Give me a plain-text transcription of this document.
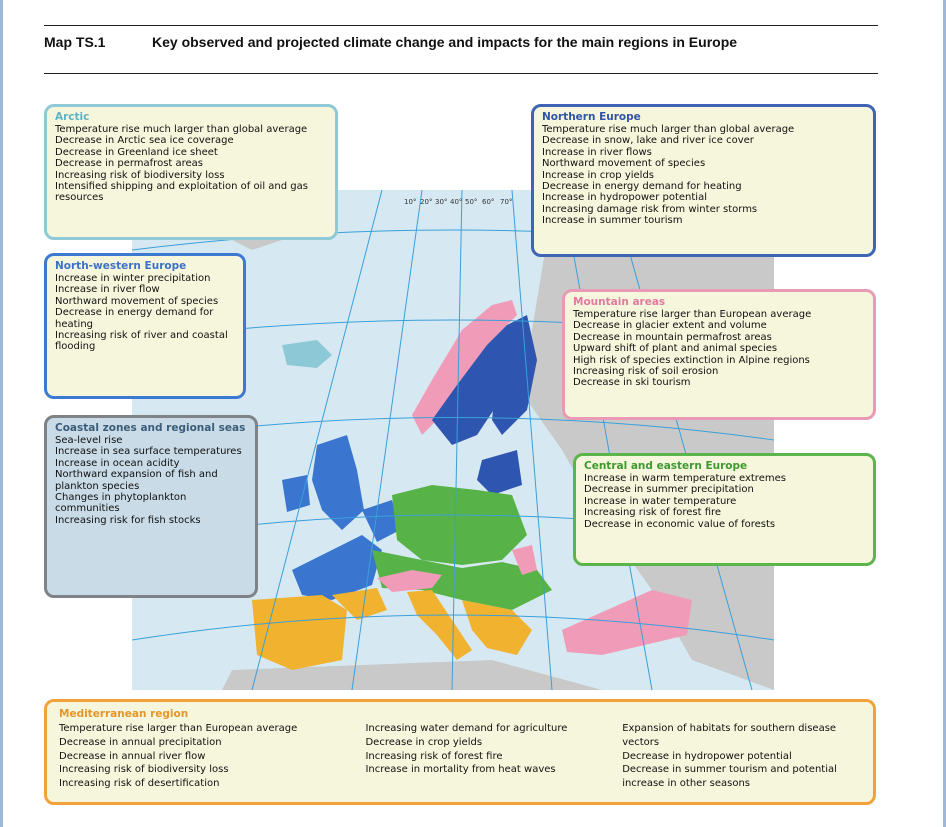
Map TS.1	Key observed and projected climate change and impacts for the main regions in Europe
10° 20° 30° 40° 50° 60° 70°
Arctic
Temperature rise much larger than global average
Decrease in Arctic sea ice coverage
Decrease in Greenland ice sheet
Decrease in permafrost areas
Increasing risk of biodiversity loss
Intensified shipping and exploitation of oil and gas resources
Northern Europe
Temperature rise much larger than global average
Decrease in snow, lake and river ice cover
Increase in river flows
Northward movement of species
Increase in crop yields
Decrease in energy demand for heating
Increase in hydropower potential
Increasing damage risk from winter storms
Increase in summer tourism
North-western Europe
Increase in winter precipitation
Increase in river flow
Northward movement of species
Decrease in energy demand for heating
Increasing risk of river and coastal flooding
Mountain areas
Temperature rise larger than European average
Decrease in glacier extent and volume
Decrease in mountain permafrost areas
Upward shift of plant and animal species
High risk of species extinction in Alpine regions
Increasing risk of soil erosion
Decrease in ski tourism
Coastal zones and regional seas
Sea-level rise
Increase in sea surface temperatures
Increase in ocean acidity
Northward expansion of fish and plankton species
Changes in phytoplankton communities
Increasing risk for fish stocks
Central and eastern Europe
Increase in warm temperature extremes
Decrease in summer precipitation
Increase in water temperature
Increasing risk of forest fire
Decrease in economic value of forests
Mediterranean region
Temperature rise larger than European average
Decrease in annual precipitation
Decrease in annual river flow
Increasing risk of biodiversity loss
Increasing risk of desertification
Increasing water demand for agriculture
Decrease in crop yields
Increasing risk of forest fire
Increase in mortality from heat waves
Expansion of habitats for southern disease vectors
Decrease in hydropower potential
Decrease in summer tourism and potential increase in other seasons
